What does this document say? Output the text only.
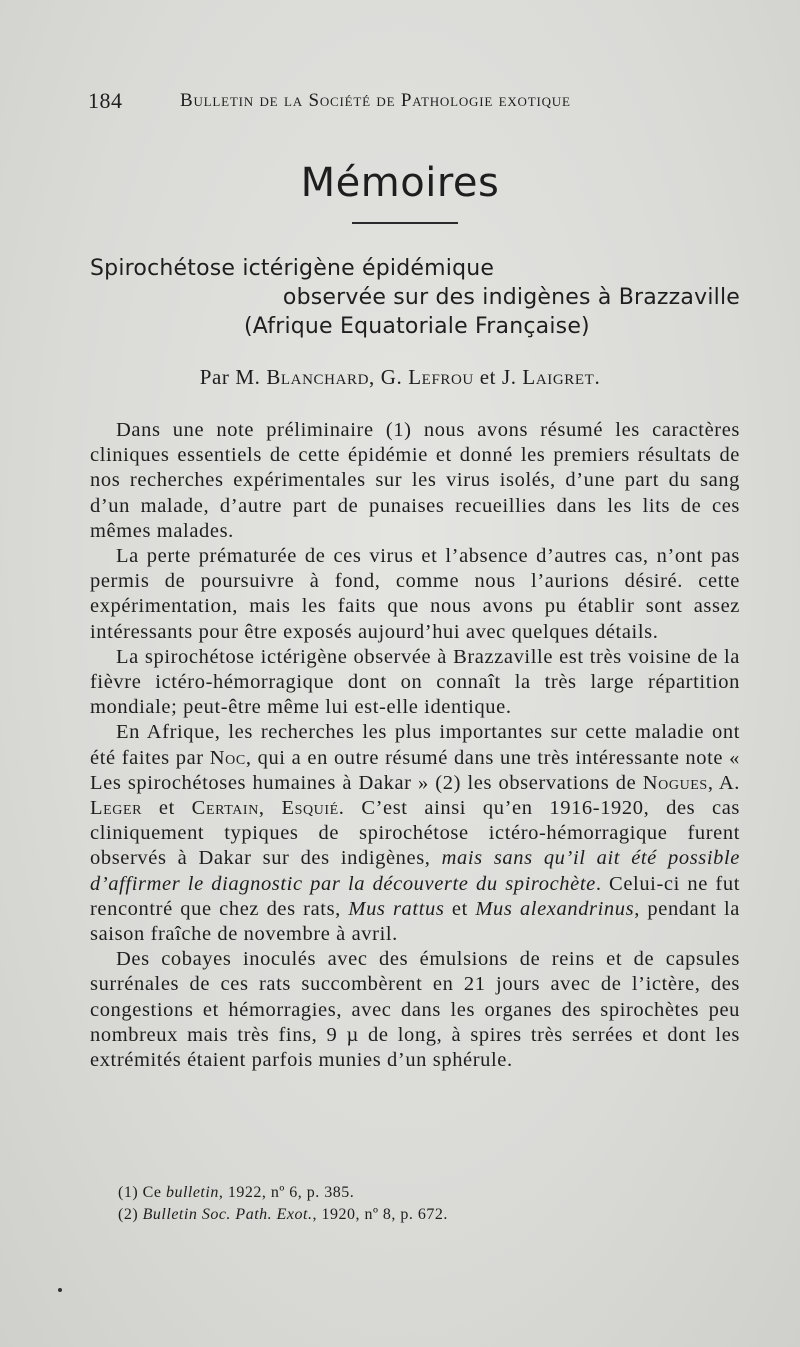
184	Bulletin de la Société de Pathologie exotique
Mémoires
Spirochétose ictérigène épidémique
observée sur des indigènes à Brazzaville
(Afrique Equatoriale Française)
Par M. Blanchard, G. Lefrou et J. Laigret.

Dans une note préliminaire (1) nous avons résumé les caractères cliniques essentiels de cette épidémie et donné les premiers résultats de nos recherches expérimentales sur les virus isolés, d’une part du sang d’un malade, d’autre part de punaises recueillies dans les lits de ces mêmes malades.

La perte prématurée de ces virus et l’absence d’autres cas, n’ont pas permis de poursuivre à fond, comme nous l’aurions désiré. cette expérimentation, mais les faits que nous avons pu établir sont assez intéressants pour être exposés aujourd’hui avec quelques détails.

La spirochétose ictérigène observée à Brazzaville est très voisine de la fièvre ictéro-hémorragique dont on connaît la très large répartition mondiale; peut-être même lui est-elle identique.

En Afrique, les recherches les plus importantes sur cette maladie ont été faites par Noc, qui a en outre résumé dans une très intéressante note « Les spirochétoses humaines à Dakar » (2) les observations de Nogues, A. Leger et Certain, Esquié. C’est ainsi qu’en 1916-1920, des cas cliniquement typiques de spirochétose ictéro-hémorragique furent observés à Dakar sur des indigènes, mais sans qu’il ait été possible d’affirmer le diagnostic par la découverte du spirochète. Celui-ci ne fut rencontré que chez des rats, Mus rattus et Mus alexandrinus, pendant la saison fraîche de novembre à avril.

Des cobayes inoculés avec des émulsions de reins et de capsules surrénales de ces rats succombèrent en 21 jours avec de l’ictère, des congestions et hémorragies, avec dans les organes des spirochètes peu nombreux mais très fins, 9 µ de long, à spires très serrées et dont les extrémités étaient parfois munies d’un sphérule.

(1) Ce bulletin, 1922, nº 6, p. 385.
(2) Bulletin Soc. Path. Exot., 1920, nº 8, p. 672.
